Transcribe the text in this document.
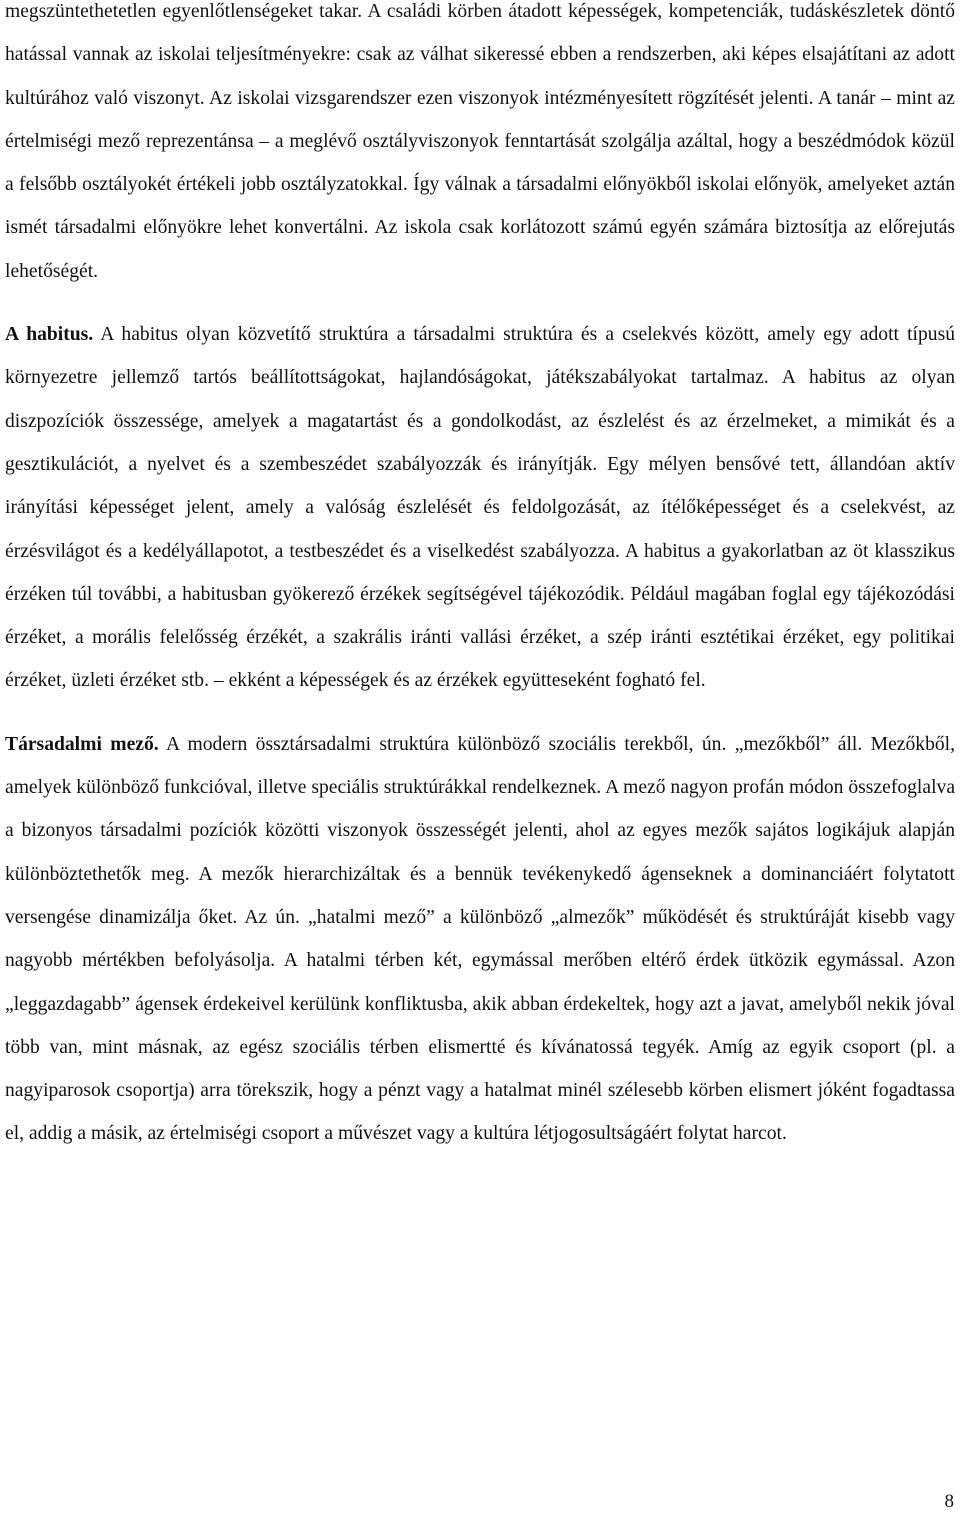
megszüntethetetlen egyenlőtlenségeket takar. A családi körben átadott képességek, kompetenciák, tudáskészletek döntő hatással vannak az iskolai teljesítményekre: csak az válhat sikeressé ebben a rendszerben, aki képes elsajátítani az adott kultúrához való viszonyt. Az iskolai vizsgarendszer ezen viszonyok intézményesített rögzítését jelenti. A tanár – mint az értelmiségi mező reprezentánsa – a meglévő osztályviszonyok fenntartását szolgálja azáltal, hogy a beszédmódok közül a felsőbb osztályokét értékeli jobb osztályzatokkal. Így válnak a társadalmi előnyökből iskolai előnyök, amelyeket aztán ismét társadalmi előnyökre lehet konvertálni. Az iskola csak korlátozott számú egyén számára biztosítja az előrejutás lehetőségét.

A habitus. A habitus olyan közvetítő struktúra a társadalmi struktúra és a cselekvés között, amely egy adott típusú környezetre jellemző tartós beállítottságokat, hajlandóságokat, játékszabályokat tartalmaz. A habitus az olyan diszpozíciók összessége, amelyek a magatartást és a gondolkodást, az észlelést és az érzelmeket, a mimikát és a gesztikulációt, a nyelvet és a szembeszédet szabályozzák és irányítják. Egy mélyen bensővé tett, állandóan aktív irányítási képességet jelent, amely a valóság észlelését és feldolgozását, az ítélőképességet és a cselekvést, az érzésvilágot és a kedélyállapotot, a testbeszédet és a viselkedést szabályozza. A habitus a gyakorlatban az öt klasszikus érzéken túl további, a habitusban gyökerező érzékek segítségével tájékozódik. Például magában foglal egy tájékozódási érzéket, a morális felelősség érzékét, a szakrális iránti vallási érzéket, a szép iránti esztétikai érzéket, egy politikai érzéket, üzleti érzéket stb. – ekként a képességek és az érzékek együtteseként fogható fel.

Társadalmi mező. A modern össztársadalmi struktúra különböző szociális terekből, ún. „mezőkből” áll. Mezőkből, amelyek különböző funkcióval, illetve speciális struktúrákkal rendelkeznek. A mező nagyon profán módon összefoglalva a bizonyos társadalmi pozíciók közötti viszonyok összességét jelenti, ahol az egyes mezők sajátos logikájuk alapján különböztethetők meg. A mezők hierarchizáltak és a bennük tevékenykedő ágenseknek a dominanciáért folytatott versengése dinamizálja őket. Az ún. „hatalmi mező” a különböző „almezők” működését és struktúráját kisebb vagy nagyobb mértékben befolyásolja. A hatalmi térben két, egymással merőben eltérő érdek ütközik egymással. Azon „leggazdagabb” ágensek érdekeivel kerülünk konfliktusba, akik abban érdekeltek, hogy azt a javat, amelyből nekik jóval több van, mint másnak, az egész szociális térben elismertté és kívánatossá tegyék. Amíg az egyik csoport (pl. a nagyiparosok csoportja) arra törekszik, hogy a pénzt vagy a hatalmat minél szélesebb körben elismert jóként fogadtassa el, addig a másik, az értelmiségi csoport a művészet vagy a kultúra létjogosultságáért folytat harcot.

8
